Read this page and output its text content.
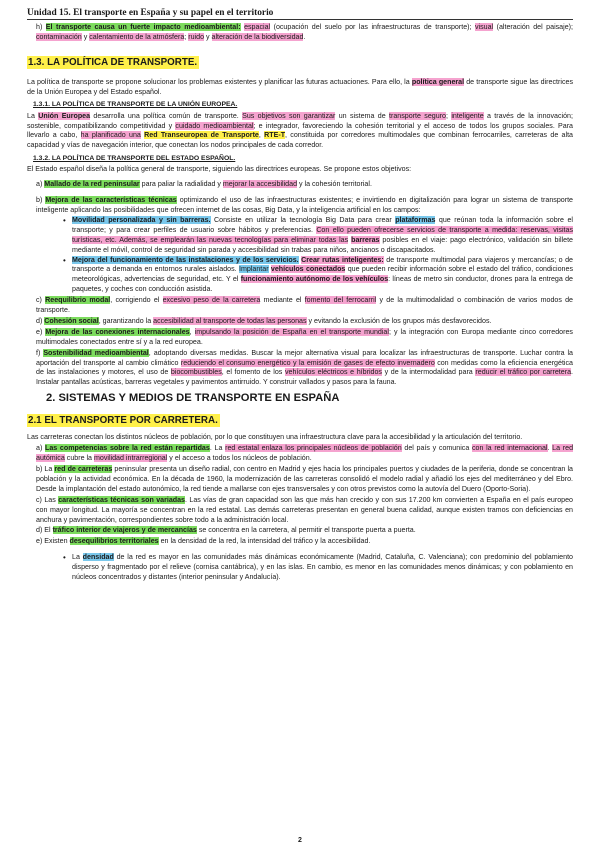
Unidad 15. El transporte en España y su papel en el territorio

h) El transporte causa un fuerte impacto medioambiental: espacial (ocupación del suelo por las infraestructuras de transporte); visual (alteración del paisaje); contaminación y calentamiento de la atmósfera; ruido y alteración de la biodiversidad.

1.3. LA POLÍTICA DE TRANSPORTE.

La política de transporte se propone solucionar los problemas existentes y planificar las futuras actuaciones. Para ello, la política general de transporte sigue las directrices de la Unión Europea y del Estado español.

1.3.1. LA POLÍTICA DE TRANSPORTE DE LA UNIÓN EUROPEA.

La Unión Europea desarrolla una política común de transporte. Sus objetivos son garantizar un sistema de transporte seguro; inteligente a través de la innovación; sostenible, compatibilizando competitividad y cuidado medioambiental; e integrador, favoreciendo la cohesión territorial y el acceso de todos los grupos sociales. Para llevarlo a cabo, ha planificado una Red Transeuropea de Transporte, RTE-T, constituida por corredores multimodales que combinan ferrocarriles, carreteras de alta capacidad y vías de navegación interior, que conectan los nodos principales de cada corredor.

1.3.2. LA POLÍTICA DE TRANSPORTE DEL ESTADO ESPAÑOL.

El Estado español diseña la política general de transporte, siguiendo las directrices europeas. Se propone estos objetivos:

a) Mallado de la red peninsular para paliar la radialidad y mejorar la accesibilidad y la cohesión territorial.

b) Mejora de las características técnicas optimizando el uso de las infraestructuras existentes; e invirtiendo en digitalización para lograr un sistema de transporte inteligente aplicando las posibilidades que ofrecen internet de las cosas, Big Data, y la inteligencia artificial en los campos:

• Movilidad personalizada y sin barreras. Consiste en utilizar la tecnología Big Data para crear plataformas que reúnan toda la información sobre el transporte; y para crear perfiles de usuario sobre hábitos y preferencias. Con ello pueden ofrecerse servicios de transporte a medida: reservas, visitas turísticas, etc. Además, se emplearán las nuevas tecnologías para eliminar todas las barreras posibles en el viaje: pago electrónico, validación sin billete mediante el móvil, control de seguridad sin parada y accesibilidad sin trabas para niños, ancianos o discapacitados.
• Mejora del funcionamiento de las instalaciones y de los servicios. Crear rutas inteligentes: de transporte multimodal para viajeros y mercancías; o de transporte a demanda en entornos rurales aislados. Implantar vehículos conectados que pueden recibir información sobre el estado del tráfico, condiciones meteorológicas, advertencias de seguridad, etc. Y el funcionamiento autónomo de los vehículos: líneas de metro sin conductor, drones para la entrega de paquetes, y coches con conducción asistida.

c) Reequilibrio modal, corrigiendo el excesivo peso de la carretera mediante el fomento del ferrocarril y de la multimodalidad o combinación de varios modos de transporte.

d) Cohesión social, garantizando la accesibilidad al transporte de todas las personas y evitando la exclusión de los grupos más desfavorecidos.

e) Mejora de las conexiones internacionales, impulsando la posición de España en el transporte mundial; y la integración con Europa mediante cinco corredores multimodales conectados entre sí y a la red europea.

f) Sostenibilidad medioambiental, adoptando diversas medidas. Buscar la mejor alternativa visual para localizar las infraestructuras de transporte. Luchar contra la aportación del transporte al cambio climático reduciendo el consumo energético y la emisión de gases de efecto invernadero con medidas como la eficiencia energética de las instalaciones y motores, el uso de biocombustibles, el fomento de los vehículos eléctricos e híbridos y de la intermodalidad para reducir el tráfico por carretera. Instalar pantallas acústicas, barreras vegetales y pavimentos antirruido. Y construir vallados y pasos para la fauna.

2. SISTEMAS Y MEDIOS DE TRANSPORTE EN ESPAÑA

2.1 EL TRANSPORTE POR CARRETERA.

Las carreteras conectan los distintos núcleos de población, por lo que constituyen una infraestructura clave para la accesibilidad y la articulación del territorio.

a) Las competencias sobre la red están repartidas. La red estatal enlaza los principales núcleos de población del país y comunica con la red internacional. La red autómica cubre la movilidad intrarregional y el acceso a todos los núcleos de población.

b) La red de carreteras peninsular presenta un diseño radial, con centro en Madrid y ejes hacia los principales puertos y ciudades de la periferia, donde se concentran la población y la actividad económica. En la década de 1960, la modernización de las carreteras consolidó el modelo radial y añadió los ejes del mediterráneo y del Ebro. Desde la implantación del estado autonómico, la red tiende a mallarse con ejes transversales y con otros previstos como la autovía del Duero (Oporto-Soria).

c) Las características técnicas son variadas. Las vías de gran capacidad son las que más han crecido y con sus 17.200 km convierten a España en el país europeo con mayor longitud. La mayoría se concentran en la red estatal. Las demás carreteras presentan en general buena calidad, aunque existen tramos con deficiencias en anchura y pavimentación, correspondientes sobre todo a la administración local.

d) El tráfico interior de viajeros y de mercancías se concentra en la carretera, al permitir el transporte puerta a puerta.

e) Existen desequilibrios territoriales en la densidad de la red, la intensidad del tráfico y la accesibilidad.

• La densidad de la red es mayor en las comunidades más dinámicas económicamente (Madrid, Cataluña, C. Valenciana); con predominio del poblamiento disperso y fragmentado por el relieve (cornisa cantábrica), y en las islas. En cambio, es menor en las comunidades menos dinámicas; y con poblamiento en núcleos concentrados y distantes (interior peninsular y Andalucía).
2
